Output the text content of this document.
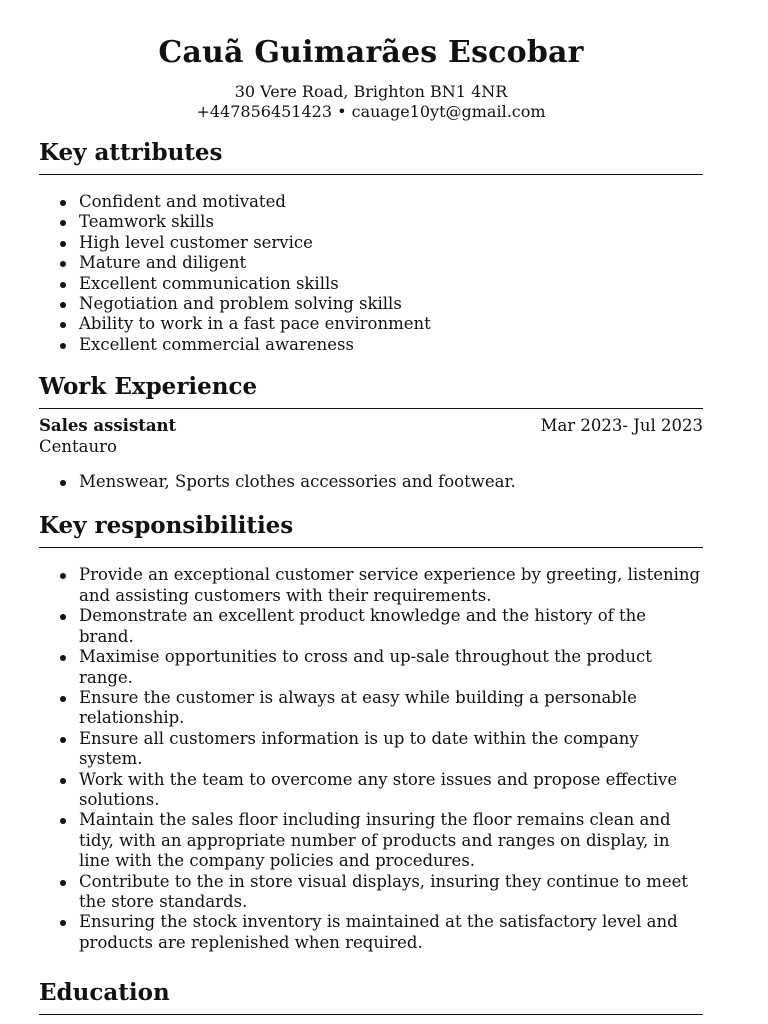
Cauã Guimarães Escobar
30 Vere Road, Brighton BN1 4NR
+447856451423 • cauage10yt@gmail.com
Key attributes
Confident and motivated
Teamwork skills
High level customer service
Mature and diligent
Excellent communication skills
Negotiation and problem solving skills
Ability to work in a fast pace environment
Excellent commercial awareness
Work Experience
Sales assistant	Mar 2023- Jul 2023
Centauro
Menswear, Sports clothes accessories and footwear.
Key responsibilities
Provide an exceptional customer service experience by greeting, listening and assisting customers with their requirements.
Demonstrate an excellent product knowledge and the history of the brand.
Maximise opportunities to cross and up-sale throughout the product range.
Ensure the customer is always at easy while building a personable relationship.
Ensure all customers information is up to date within the company system.
Work with the team to overcome any store issues and propose effective solutions.
Maintain the sales floor including insuring the floor remains clean and tidy, with an appropriate number of products and ranges on display, in line with the company policies and procedures.
Contribute to the in store visual displays, insuring they continue to meet the store standards.
Ensuring the stock inventory is maintained at the satisfactory level and products are replenished when required.
Education
